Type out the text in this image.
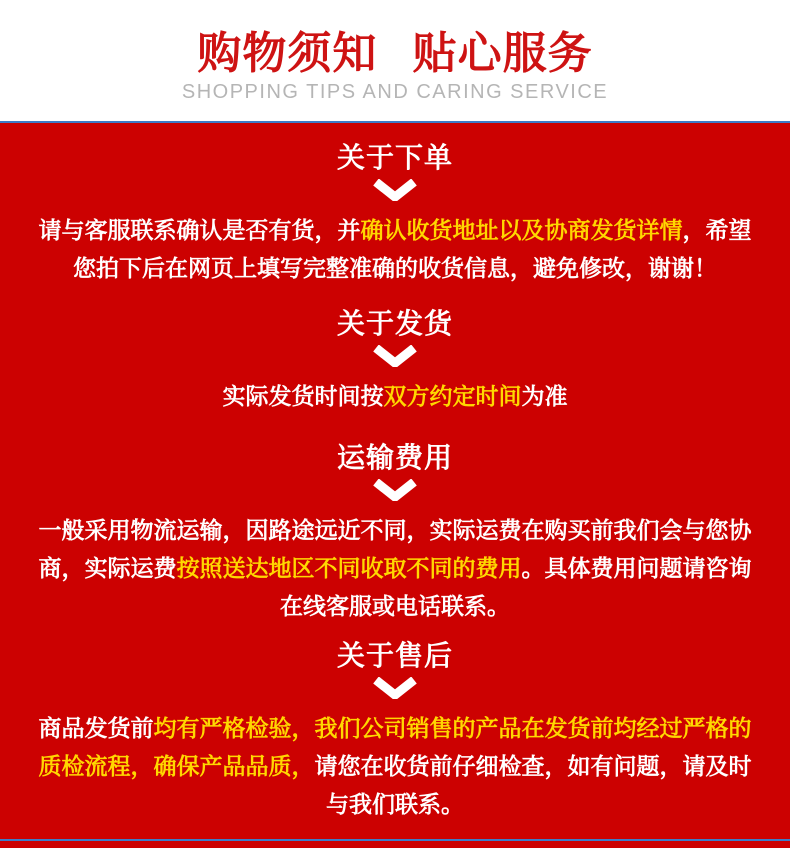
购物须知 贴心服务
SHOPPING TIPS AND CARING SERVICE
关于下单
请与客服联系确认是否有货，并确认收货地址以及协商发货详情，希望
您拍下后在网页上填写完整准确的收货信息，避免修改，谢谢！
关于发货
实际发货时间按双方约定时间为准
运输费用
一般采用物流运输，因路途远近不同，实际运费在购买前我们会与您协
商，实际运费按照送达地区不同收取不同的费用。具体费用问题请咨询
在线客服或电话联系。
关于售后
商品发货前均有严格检验，我们公司销售的产品在发货前均经过严格的
质检流程，确保产品品质，请您在收货前仔细检查，如有问题，请及时
与我们联系。
